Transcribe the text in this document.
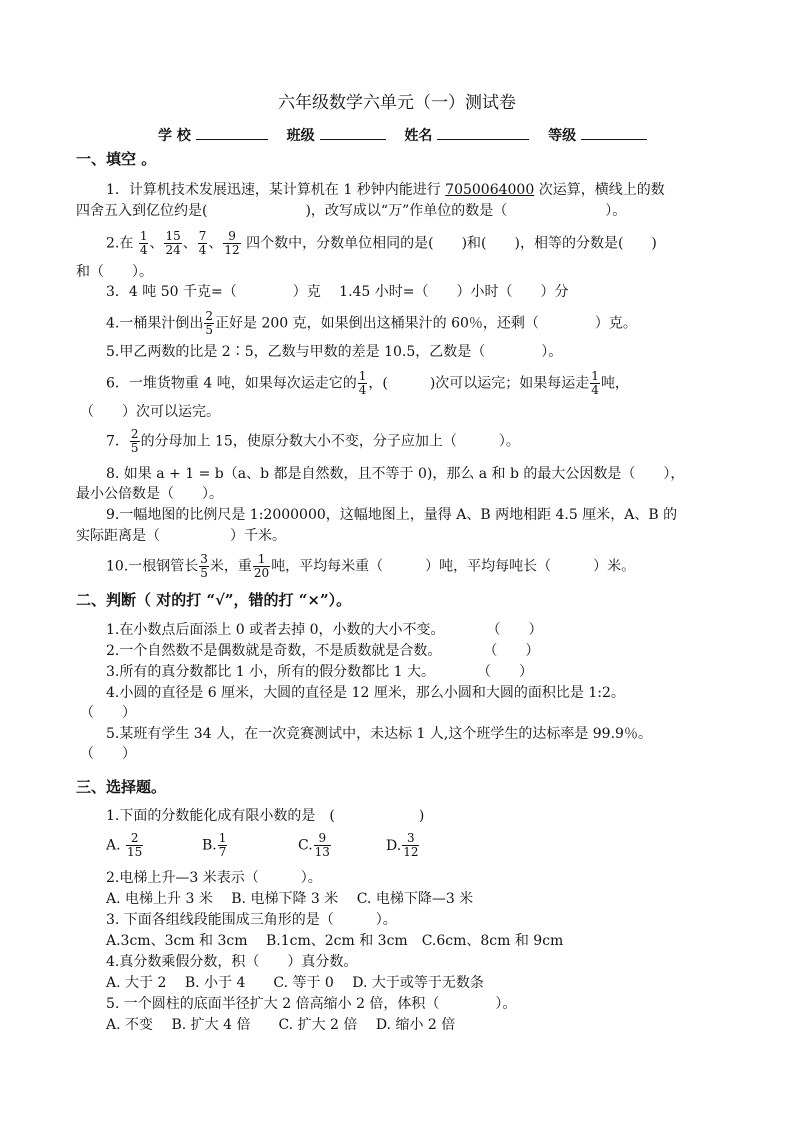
六年级数学六单元（一）测试卷
学 校	班级	姓名	等级
一、填空 。
1．计算机技术发展迅速，某计算机在 1 秒钟内能进行 7050064000 次运算，横线上的数
四舍五入到亿位约是(　　　　　　　)，改写成以“万”作单位的数是（　　　　　　　）。
2.在 $\frac{1}{4}$ 、 $\frac{15}{24}$ 、 $\frac{7}{4}$ 、 $\frac{9}{12}$ 四个数中，分数单位相同的是(　　)和(　　)，相等的分数是(　　)
和（　　）。
3．4 吨 50 千克=（　　　　）克　 1.45 小时=（　　）小时（　　）分
4.一桶果汁倒出 $\frac{2}{5}$ 正好是 200 克，如果倒出这桶果汁的 60％，还剩（　　　　）克。
5.甲乙两数的比是 2∶5，乙数与甲数的差是 10.5，乙数是（　　　　）。
6．一堆货物重 4 吨，如果每次运走它的 $\frac{1}{4}$ ，(　　　)次可以运完；如果每运走 $\frac{1}{4}$ 吨，
（　　）次可以运完。
7． $\frac{2}{5}$ 的分母加上 15，使原分数大小不变，分子应加上（　　　）。
8. 如果 a + 1 = b（a、b 都是自然数，且不等于 0)，那么 a 和 b 的最大公因数是（　　），
最小公倍数是（　　）。
9.一幅地图的比例尺是 1:2000000，这幅地图上，量得 A、B 两地相距 4.5 厘米，A、B 的
实际距离是（　　　　　）千米。
10.一根钢管长 $\frac{3}{5}$ 米，重 $\frac{1}{20}$ 吨，平均每米重（　　　）吨，平均每吨长（　　　）米。
二、判断（ 对的打 “√”，错的打 “×”）。
1.在小数点后面添上 0 或者去掉 0，小数的大小不变。　　　　（　　）
2.一个自然数不是偶数就是奇数，不是质数就是合数。　　　　（　　）
3.所有的真分数都比 1 小，所有的假分数都比 1 大。　　　　（　　）
4.小圆的直径是 6 厘米，大圆的直径是 12 厘米，那么小圆和大圆的面积比是 1:2。
（　　）
5.某班有学生 34 人，在一次竞赛测试中，未达标 1 人,这个班学生的达标率是 99.9％。
（　　）
三、选择题。
1.下面的分数能化成有限小数的是　(　　　　　　)
A. $\frac{2}{15}$	B. $\frac{1}{7}$	C. $\frac{9}{13}$	D. $\frac{3}{12}$
2.电梯上升—3 米表示（　　　）。
A. 电梯上升 3 米　 B. 电梯下降 3 米　 C. 电梯下降—3 米
3. 下面各组线段能围成三角形的是（　　　）。
A.3cm、3cm 和 3cm　 B.1cm、2cm 和 3cm　C.6cm、8cm 和 9cm
4.真分数乘假分数，积（　　）真分数。
A. 大于 2　 B. 小于 4　　C. 等于 0　 D. 大于或等于无数条
5. 一个圆柱的底面半径扩大 2 倍高缩小 2 倍，体积（　　　　）。
A. 不变　 B. 扩大 4 倍　　C. 扩大 2 倍　 D. 缩小 2 倍
